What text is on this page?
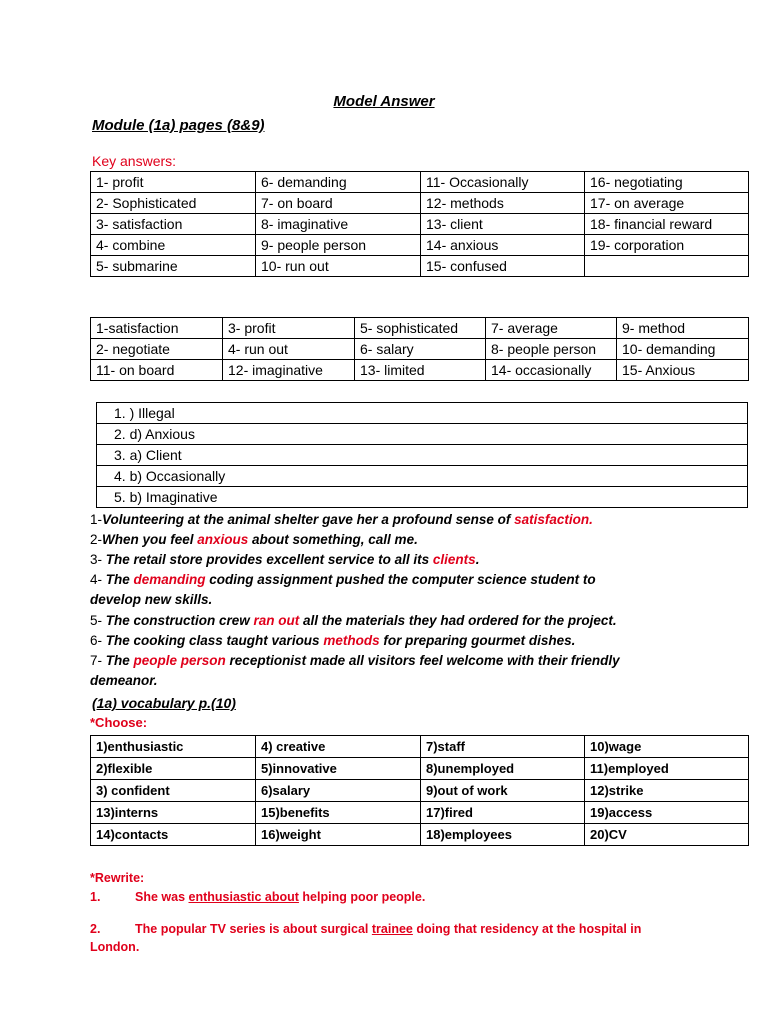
Model Answer
Module (1a) pages (8&9)
Key answers:
1- profit	6- demanding	11- Occasionally	16- negotiating
2- Sophisticated	7- on board	12- methods	17- on average
3- satisfaction	8- imaginative	13- client	18- financial reward
4- combine	9- people person	14- anxious	19- corporation
5- submarine	10- run out	15- confused	
1-satisfaction	3- profit	5- sophisticated	7- average	9- method
2- negotiate	4- run out	6- salary	8- people person	10- demanding
11- on board	12- imaginative	13- limited	14- occasionally	15- Anxious
1. ) Illegal
2. d) Anxious
3. a) Client
4. b) Occasionally
5. b) Imaginative
1-Volunteering at the animal shelter gave her a profound sense of satisfaction.
2-When you feel anxious about something, call me.
3- The retail store provides excellent service to all its clients.
4- The demanding coding assignment pushed the computer science student to develop new skills.
5- The construction crew ran out all the materials they had ordered for the project.
6- The cooking class taught various methods for preparing gourmet dishes.
7- The people person receptionist made all visitors feel welcome with their friendly demeanor.
(1a) vocabulary p.(10)
*Choose:
1)enthusiastic	4) creative	7)staff	10)wage
2)flexible	5)innovative	8)unemployed	11)employed
3) confident	6)salary	9)out of work	12)strike
13)interns	15)benefits	17)fired	19)access
14)contacts	16)weight	18)employees	20)CV
*Rewrite:
1.	She was enthusiastic about helping poor people.
2.	The popular TV series is about surgical trainee doing that residency at the hospital in London.
